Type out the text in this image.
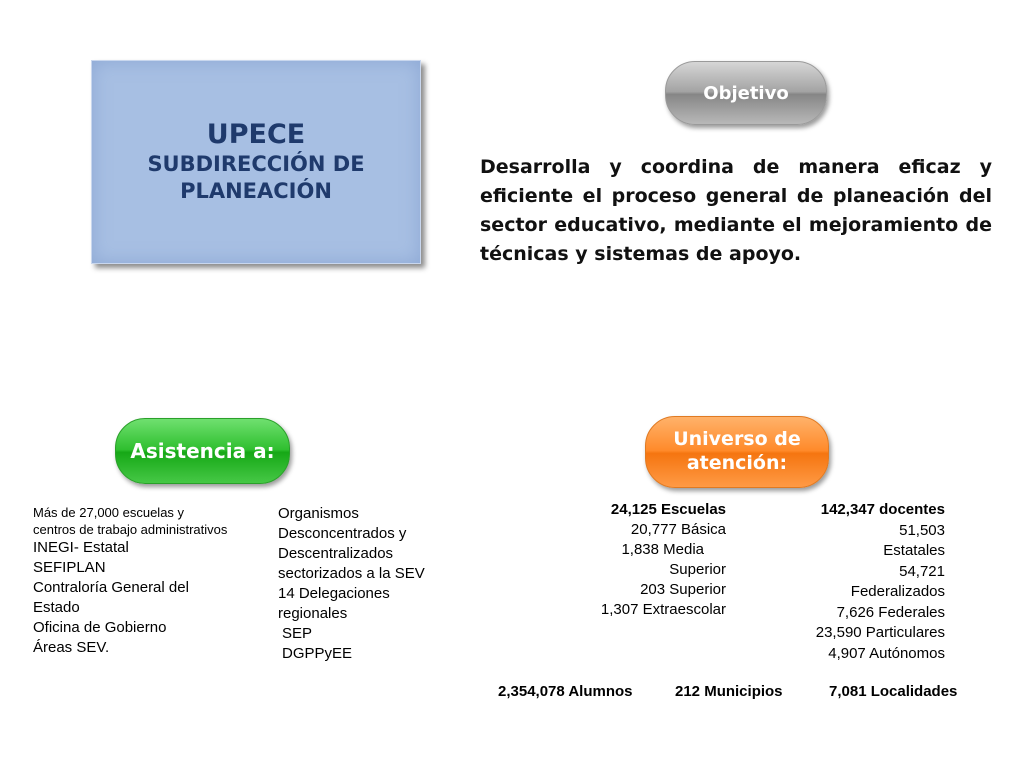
UPECE
SUBDIRECCIÓN DE
PLANEACIÓN
Objetivo
Desarrolla y coordina de manera eficaz y eficiente el proceso general de planeación del sector educativo, mediante el mejoramiento de técnicas y sistemas de apoyo.
Asistencia a:	Universo de
atención:
Más de 27,000 escuelas y
centros de trabajo administrativos
INEGI- Estatal
SEFIPLAN
Contraloría General del
Estado
Oficina de Gobierno
Áreas SEV.
Organismos
Desconcentrados y
Descentralizados
sectorizados a la SEV
14 Delegaciones
regionales
SEP
DGPPyEE
24,125 Escuelas
20,777 Básica
1,838 Media
Superior
203 Superior
1,307 Extraescolar
142,347 docentes
51,503
Estatales
54,721
Federalizados
7,626 Federales
23,590 Particulares
4,907 Autónomos
2,354,078 Alumnos	212 Municipios	7,081 Localidades
